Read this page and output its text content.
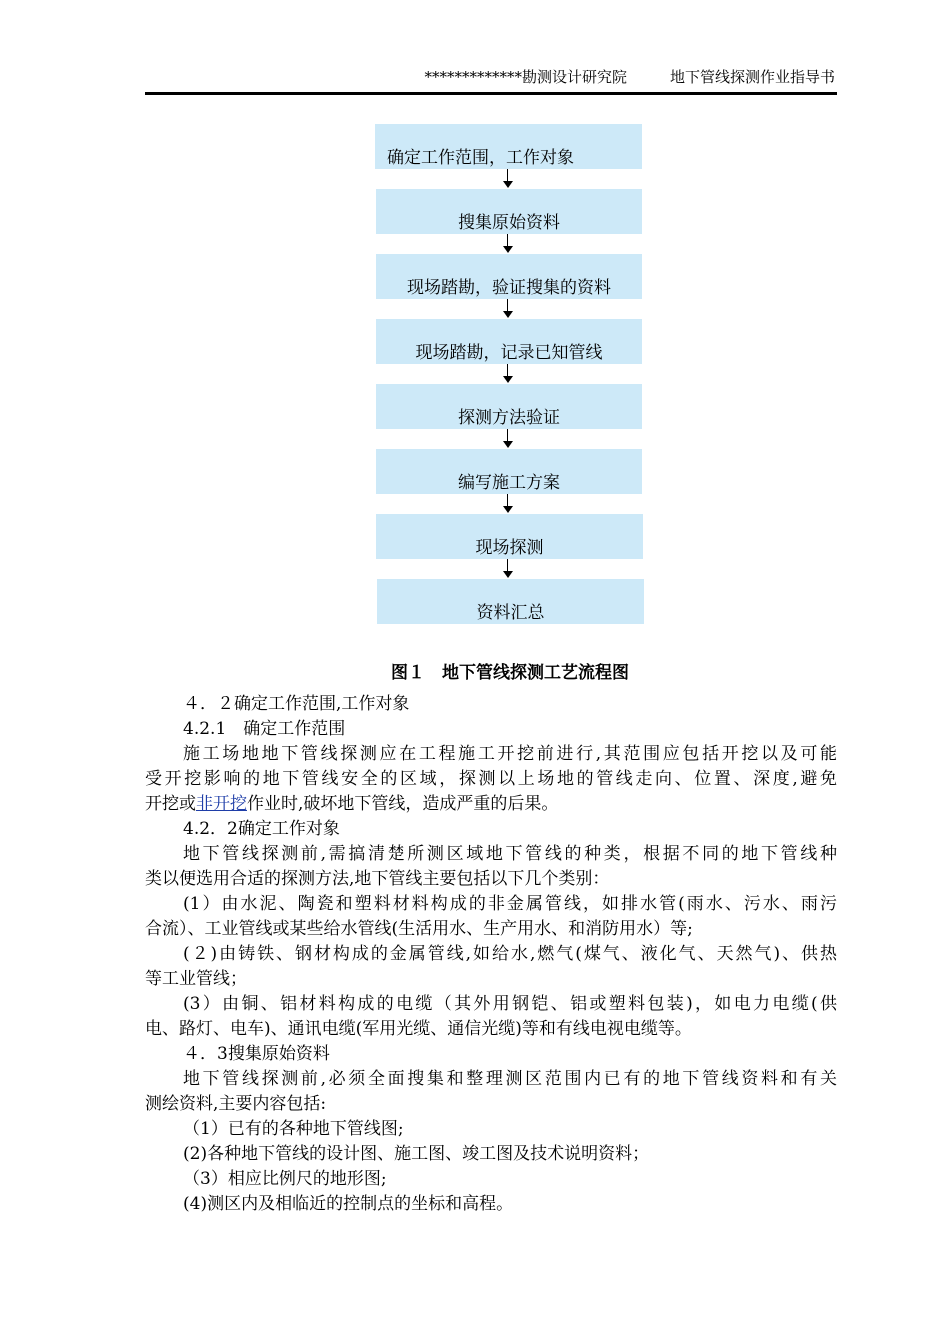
*************勘测设计研究院	地下管线探测作业指导书
确定工作范围，工作对象
搜集原始资料
现场踏勘，验证搜集的资料
现场踏勘，记录已知管线
探测方法验证
编写施工方案
现场探测
资料汇总
图１　地下管线探测工艺流程图
４．２确定工作范围,工作对象
4.2.1　确定工作范围
施工场地地下管线探测应在工程施工开挖前进行,其范围应包括开挖以及可能
受开挖影响的地下管线安全的区域，探测以上场地的管线走向、位置、深度,避免
开挖或非开挖作业时,破坏地下管线，造成严重的后果。
4.2．2确定工作对象
地下管线探测前,需搞清楚所测区域地下管线的种类，根据不同的地下管线种
类以便选用合适的探测方法,地下管线主要包括以下几个类别：
(1）由水泥、陶瓷和塑料材料构成的非金属管线，如排水管(雨水、污水、雨污
合流）、工业管线或某些给水管线(生活用水、生产用水、和消防用水）等;
(２)由铸铁、钢材构成的金属管线,如给水,燃气(煤气、液化气、天然气)、供热
等工业管线；
(3）由铜、铝材料构成的电缆（其外用钢铠、铝或塑料包装)，如电力电缆(供
电、路灯、电车)、通讯电缆(军用光缆、通信光缆)等和有线电视电缆等。
４．3搜集原始资料
地下管线探测前,必须全面搜集和整理测区范围内已有的地下管线资料和有关
测绘资料,主要内容包括:
（1）已有的各种地下管线图;
(2)各种地下管线的设计图、施工图、竣工图及技术说明资料；
（3）相应比例尺的地形图;
(4)测区内及相临近的控制点的坐标和高程。
